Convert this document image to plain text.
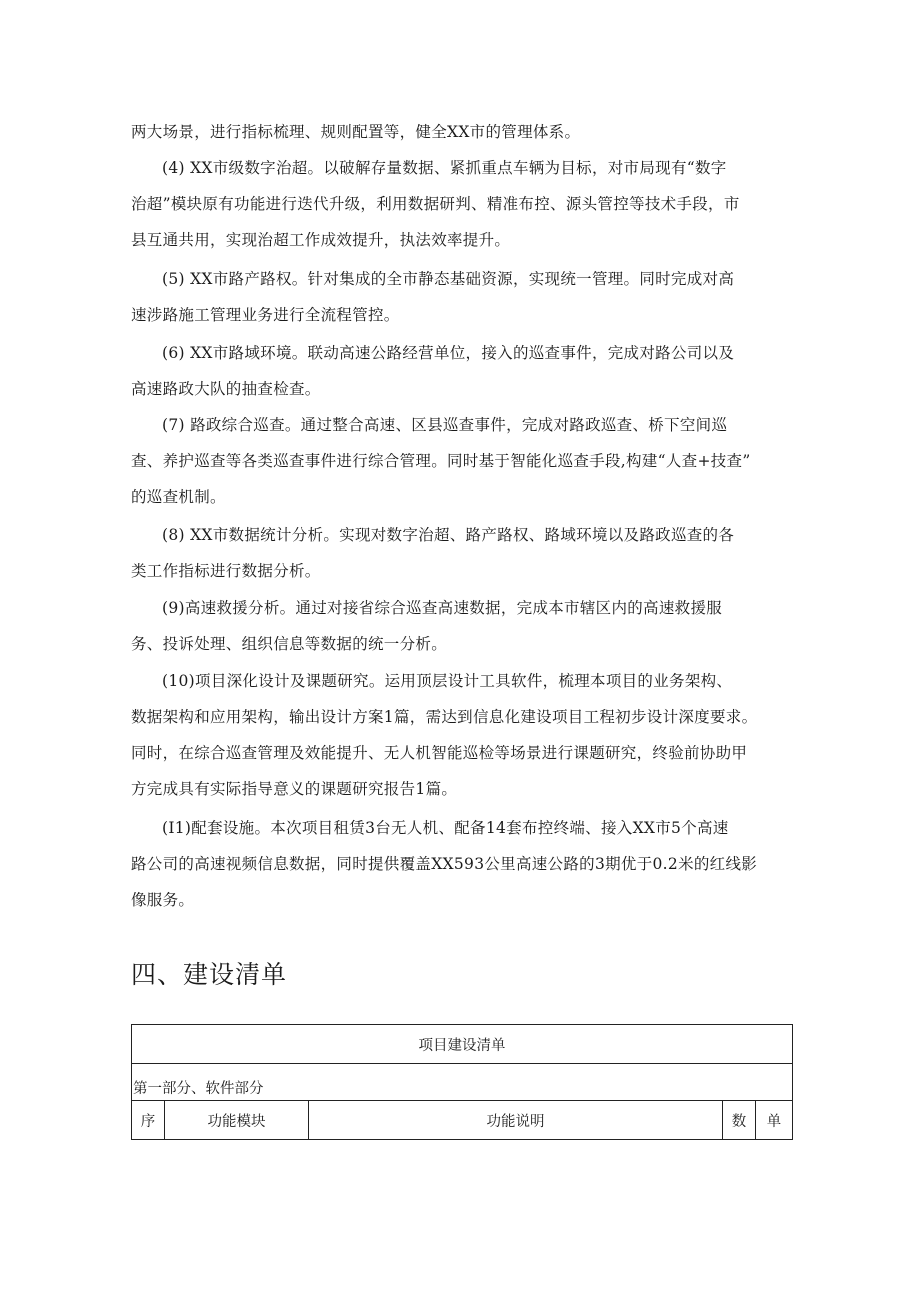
两大场景，进行指标梳理、规则配置等，健全XX市的管理体系。

(4) XX市级数字治超。以破解存量数据、紧抓重点车辆为目标，对市局现有“数字
治超”模块原有功能进行迭代升级，利用数据研判、精准布控、源头管控等技术手段，市
县互通共用，实现治超工作成效提升，执法效率提升。

(5) XX市路产路权。针对集成的全市静态基础资源，实现统一管理。同时完成对高
速涉路施工管理业务进行全流程管控。

(6) XX市路域环境。联动高速公路经营单位，接入的巡查事件，完成对路公司以及
高速路政大队的抽查检查。

(7) 路政综合巡查。通过整合高速、区县巡查事件，完成对路政巡查、桥下空间巡
查、养护巡查等各类巡查事件进行综合管理。同时基于智能化巡查手段,构建“人查+技查”
的巡查机制。

(8) XX市数据统计分析。实现对数字治超、路产路权、路域环境以及路政巡查的各
类工作指标进行数据分析。

(9)高速救援分析。通过对接省综合巡查高速数据，完成本市辖区内的高速救援服
务、投诉处理、组织信息等数据的统一分析。

(10)项目深化设计及课题研究。运用顶层设计工具软件，梳理本项目的业务架构、
数据架构和应用架构，输出设计方案1篇，需达到信息化建设项目工程初步设计深度要求。
同时，在综合巡查管理及效能提升、无人机智能巡检等场景进行课题研究，终验前协助甲
方完成具有实际指导意义的课题研究报告1篇。

(I1)配套设施。本次项目租赁3台无人机、配备14套布控终端、接入XX市5个高速
路公司的高速视频信息数据，同时提供覆盖XX593公里高速公路的3期优于0.2米的红线影
像服务。

四、建设清单
项目建设清单
第一部分、软件部分
序	功能模块	功能说明	数	单
